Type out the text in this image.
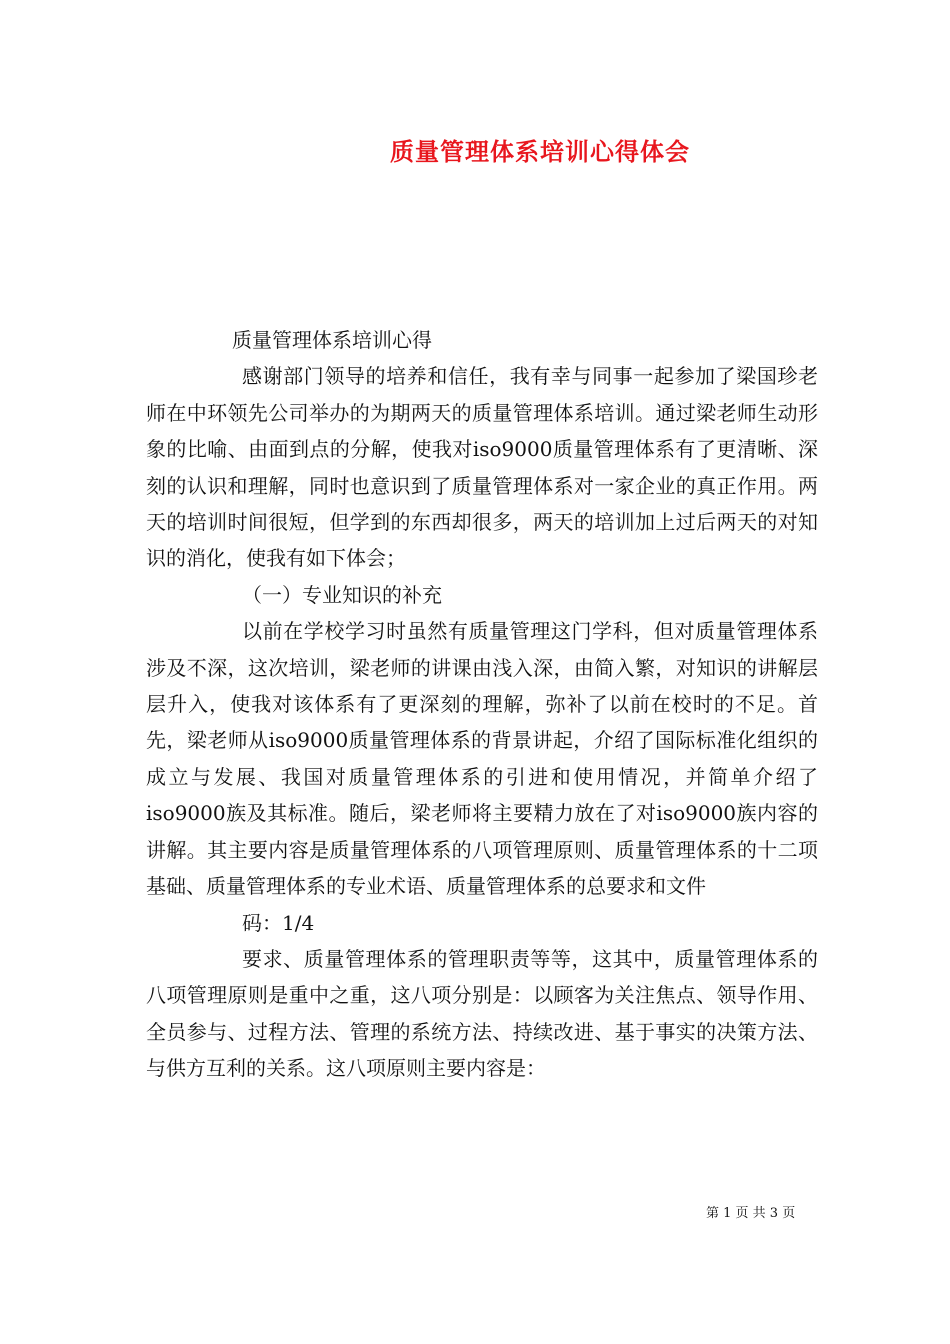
质量管理体系培训心得体会

质量管理体系培训心得

感谢部门领导的培养和信任，我有幸与同事一起参加了梁国珍老师在中环领先公司举办的为期两天的质量管理体系培训。通过梁老师生动形象的比喻、由面到点的分解，使我对iso9000质量管理体系有了更清晰、深刻的认识和理解，同时也意识到了质量管理体系对一家企业的真正作用。两天的培训时间很短，但学到的东西却很多，两天的培训加上过后两天的对知识的消化，使我有如下体会；

（一）专业知识的补充

以前在学校学习时虽然有质量管理这门学科，但对质量管理体系涉及不深，这次培训，梁老师的讲课由浅入深，由简入繁，对知识的讲解层层升入，使我对该体系有了更深刻的理解，弥补了以前在校时的不足。首先，梁老师从iso9000质量管理体系的背景讲起，介绍了国际标准化组织的成立与发展、我国对质量管理体系的引进和使用情况，并简单介绍了iso9000族及其标准。随后，梁老师将主要精力放在了对iso9000族内容的讲解。其主要内容是质量管理体系的八项管理原则、质量管理体系的十二项基础、质量管理体系的专业术语、质量管理体系的总要求和文件

码：1/4

要求、质量管理体系的管理职责等等，这其中，质量管理体系的八项管理原则是重中之重，这八项分别是：以顾客为关注焦点、领导作用、全员参与、过程方法、管理的系统方法、持续改进、基于事实的决策方法、与供方互利的关系。这八项原则主要内容是：

第 1 页 共 3 页
